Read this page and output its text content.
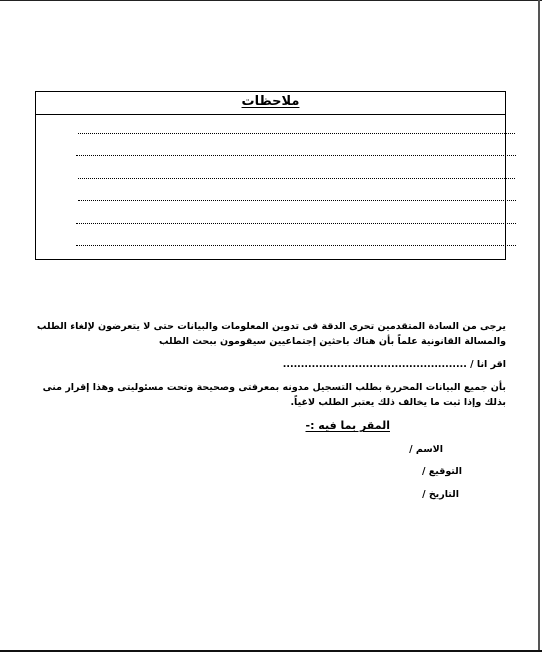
ملاحظات
يرجى من السادة المتقدمين تحرى الدقة فى تدوين المعلومات والبيانات حتى لا يتعرضون لإلغاء الطلب والمسالة القانونية علماً بأن هناك باحثين إجتماعيين سيقومون ببحث الطلب
اقر انا / ...................................................
بأن جميع البيانات المحررة بطلب التسجيل مدونه بمعرفتى وصحيحة وتحت مسئوليتى وهذا إقرار منى بذلك وإذا ثبت ما يخالف ذلك يعتبر الطلب لاغياً.
المقر بما فيه :-
الاسم /
التوقيع /
التاريخ /
